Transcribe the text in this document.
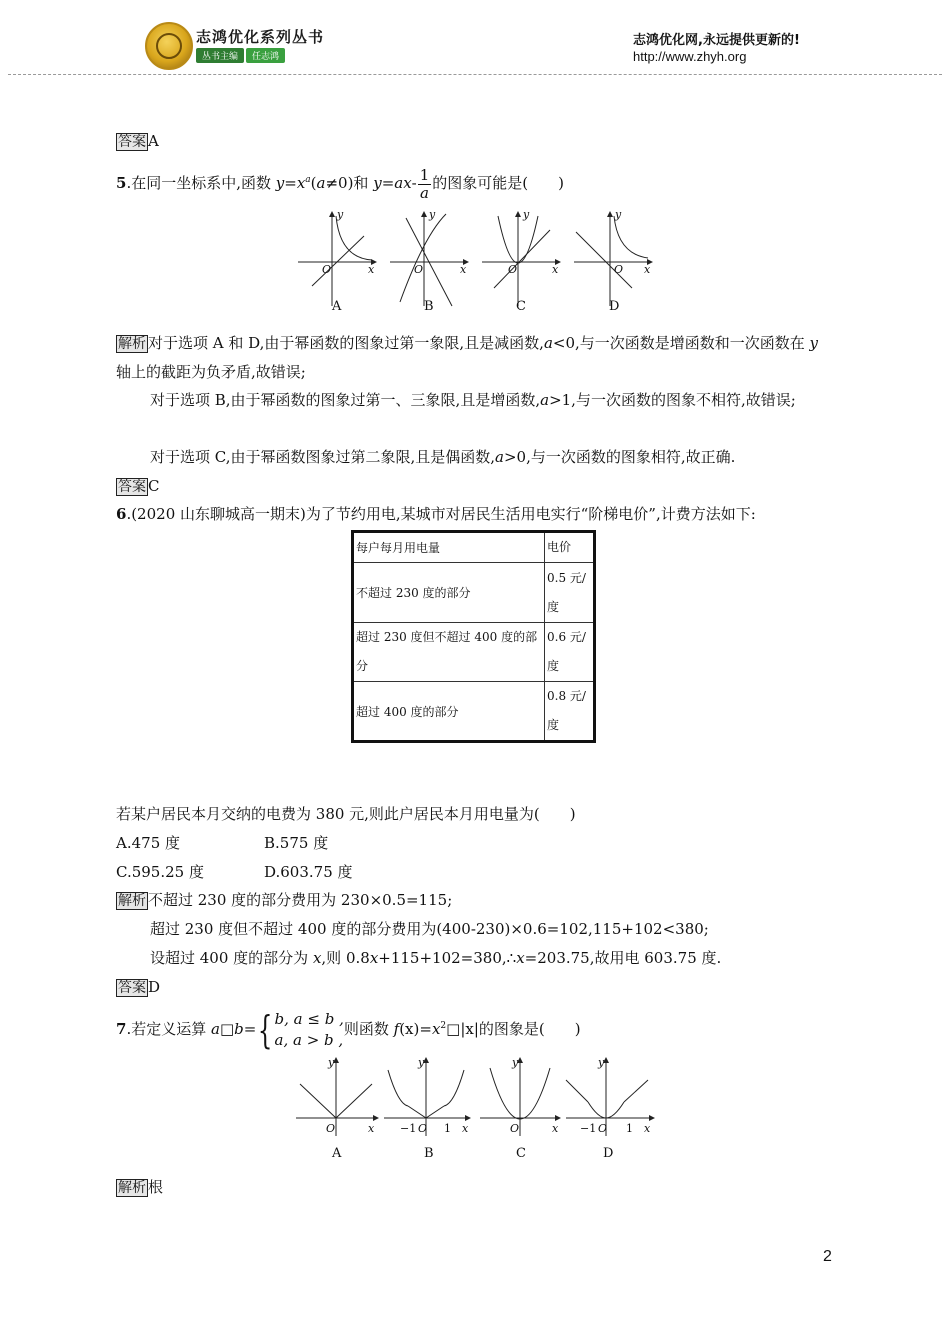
志鸿优化系列丛书
丛书主编 任志鸿
志鸿优化网,永远提供更新的!
http://www.zhyh.org
答案 A
5.在同一坐标系中,函数 $y=x^a(a\ne 0)$和 $y=ax- \frac{1}{a}$ 的图象可能是(　　)
y
x
O
y
x
O
y
x
O
y
x
O
A	B	C	D
解析 对于选项 A 和 D,由于幂函数的图象过第一象限,且是减函数,a<0,与一次函数是增函数和一次函数在 y 轴上的截距为负矛盾,故错误;
对于选项 B,由于幂函数的图象过第一、三象限,且是增函数,a>1,与一次函数的图象不相符,故错误;
对于选项 C,由于幂函数图象过第二象限,且是偶函数,a>0,与一次函数的图象相符,故正确.
答案 C
6.(2020 山东聊城高一期末)为了节约用电,某城市对居民生活用电实行“阶梯电价”,计费方法如下:
每户每月用电量	电价
不超过 230 度的部分	0.5 元/度
超过 230 度但不超过 400 度的部分	0.6 元/度
超过 400 度的部分	0.8 元/度
若某户居民本月交纳的电费为 380 元,则此户居民本月用电量为(　　)
A.475 度	B.575 度
C.595.25 度	D.603.75 度
解析 不超过 230 度的部分费用为 230×0.5=115;
超过 230 度但不超过 400 度的部分费用为(400-230)×0.6=102,115+102<380;
设超过 400 度的部分为 x,则 0.8x+115+102=380,∴x=203.75,故用电 603.75 度.
答案 D
7.若定义运算 a□b={ b, a ≤ b ,
a, a > b ,
则函数 $f(x)=x^2□|x|$的图象是(　　)
y
x
O
y
x
−1 O 1
y
x
O
y
x
−1 O 1
A	B	C	D
解析 根
2
